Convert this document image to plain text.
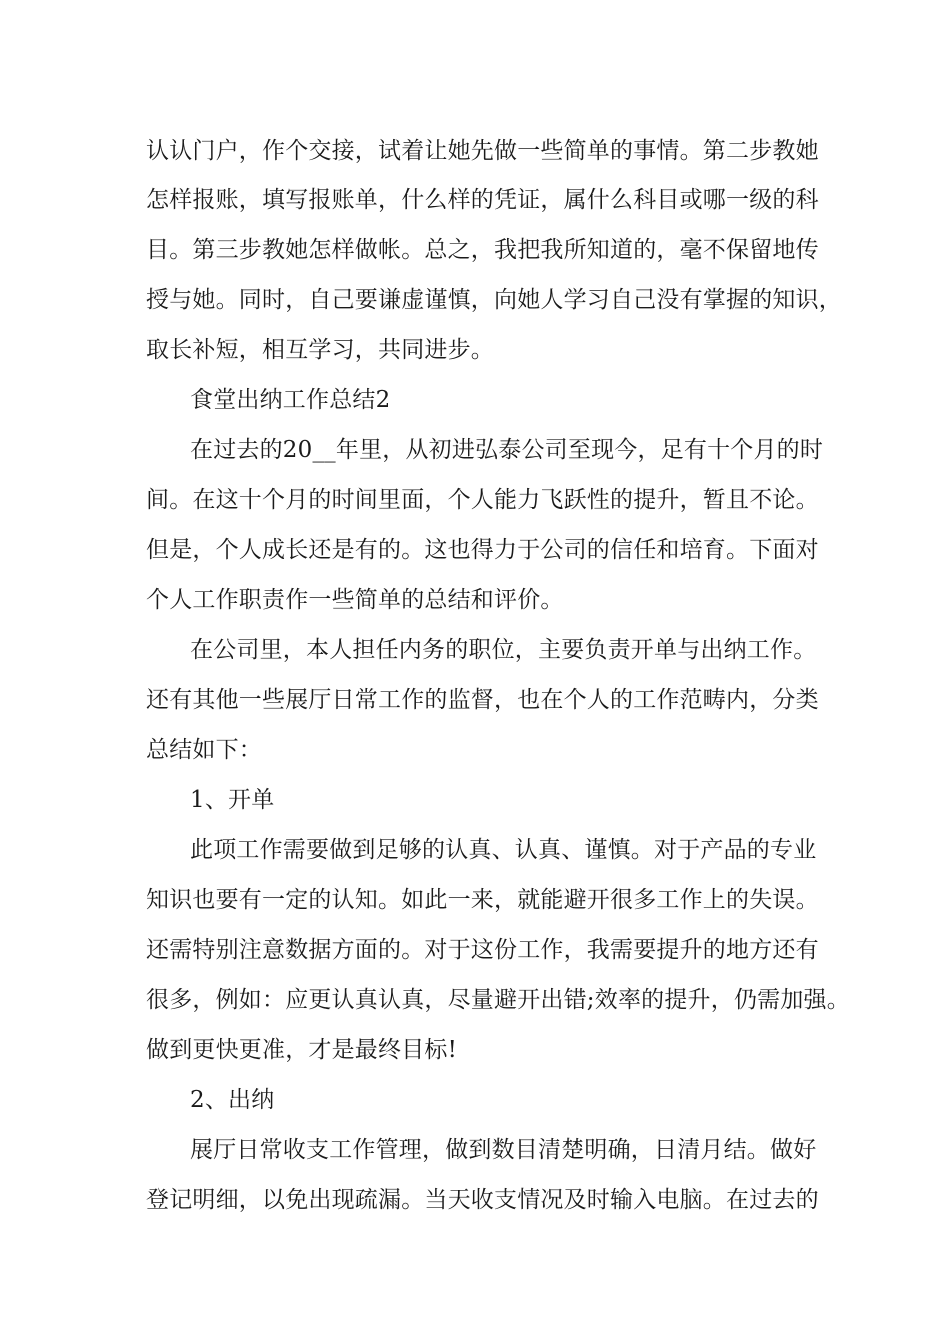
认认门户，作个交接，试着让她先做一些简单的事情。第二步教她
怎样报账，填写报账单，什么样的凭证，属什么科目或哪一级的科
目。第三步教她怎样做帐。总之，我把我所知道的，毫不保留地传
授与她。同时，自己要谦虚谨慎，向她人学习自己没有掌握的知识，
取长补短，相互学习，共同进步。
食堂出纳工作总结2
在过去的20__年里，从初进弘泰公司至现今，足有十个月的时
间。在这十个月的时间里面，个人能力飞跃性的提升，暂且不论。
但是，个人成长还是有的。这也得力于公司的信任和培育。下面对
个人工作职责作一些简单的总结和评价。
在公司里，本人担任内务的职位，主要负责开单与出纳工作。
还有其他一些展厅日常工作的监督，也在个人的工作范畴内，分类
总结如下：
1、开单
此项工作需要做到足够的认真、认真、谨慎。对于产品的专业
知识也要有一定的认知。如此一来，就能避开很多工作上的失误。
还需特别注意数据方面的。对于这份工作，我需要提升的地方还有
很多，例如：应更认真认真，尽量避开出错;效率的提升，仍需加强。
做到更快更准，才是最终目标!
2、出纳
展厅日常收支工作管理，做到数目清楚明确，日清月结。做好
登记明细，以免出现疏漏。当天收支情况及时输入电脑。在过去的
